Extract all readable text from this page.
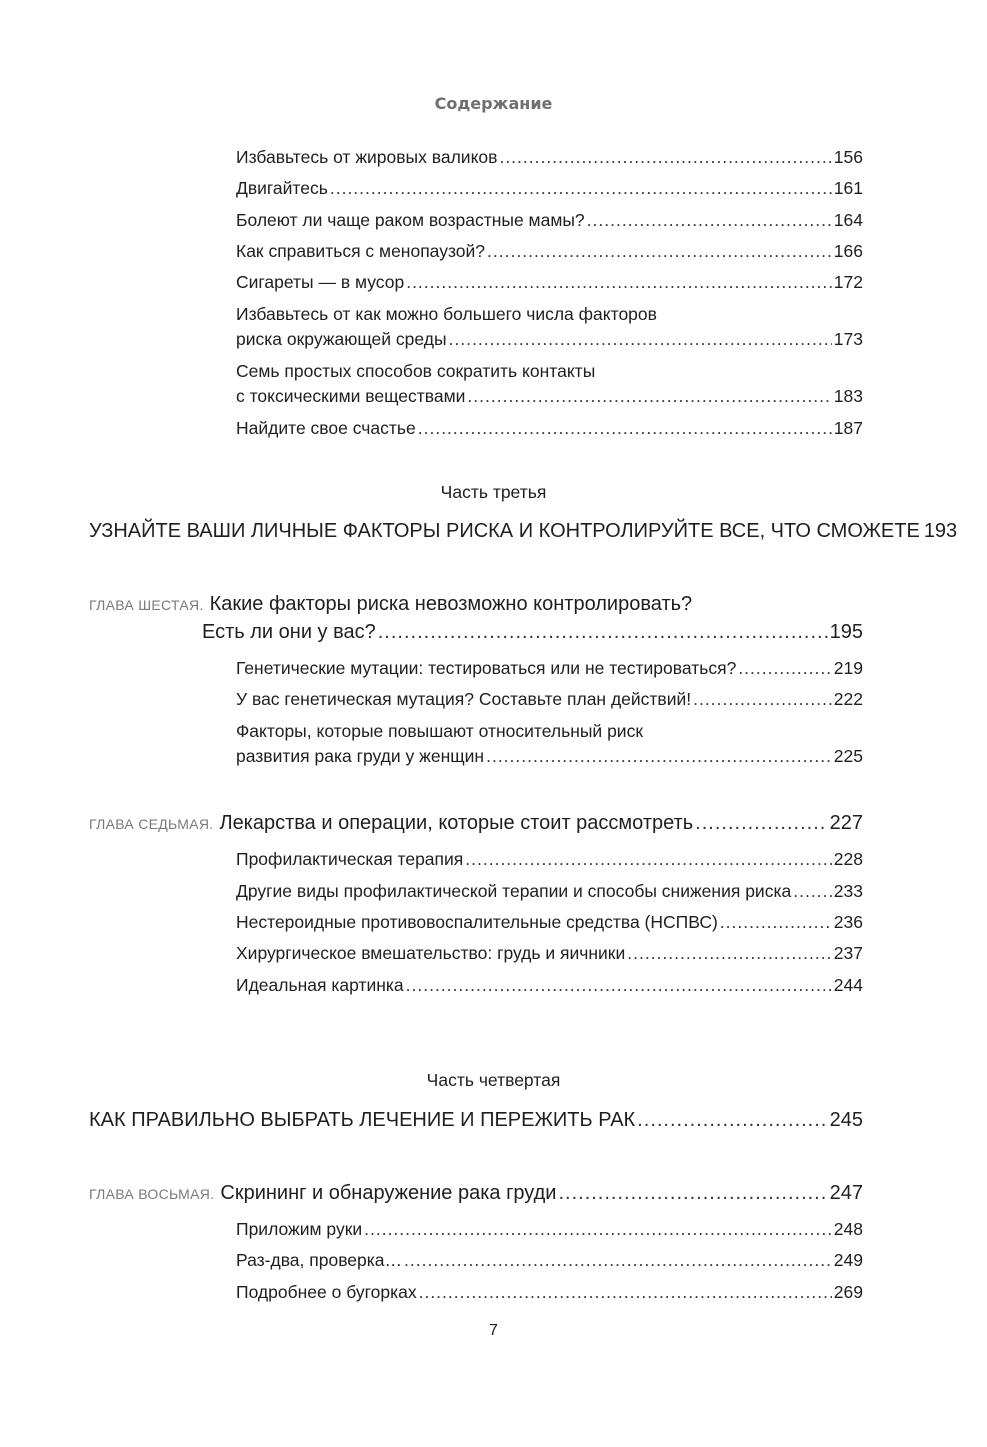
Содержание
Избавьтесь от жировых валиков .....	156
Двигайтесь .....	161
Болеют ли чаще раком возрастные мамы? .....	164
Как справиться с менопаузой? .....	166
Сигареты — в мусор .....	172
Избавьтесь от как можно большего числа факторов
риска окружающей среды .....	173
Семь простых способов сократить контакты
с токсическими веществами .....	183
Найдите свое счастье .....	187
Часть третья
УЗНАЙТЕ ВАШИ ЛИЧНЫЕ ФАКТОРЫ РИСКА И КОНТРОЛИРУЙТЕ ВСЕ, ЧТО СМОЖЕТЕ 193
ГЛАВА ШЕСТАЯ. Какие факторы риска невозможно контролировать?
Есть ли они у вас? .....	195
Генетические мутации: тестироваться или не тестироваться? .....	219
У вас генетическая мутация? Составьте план действий! .....	222
Факторы, которые повышают относительный риск
развития рака груди у женщин .....	225
ГЛАВА СЕДЬМАЯ. Лекарства и операции, которые стоит рассмотреть .....	227
Профилактическая терапия .....	228
Другие виды профилактической терапии и способы снижения риска ..... 233
Нестероидные противовоспалительные средства (НСПВС) .....	236
Хирургическое вмешательство: грудь и яичники .....	237
Идеальная картинка .....	244
Часть четвертая
КАК ПРАВИЛЬНО ВЫБРАТЬ ЛЕЧЕНИЕ И ПЕРЕЖИТЬ РАК .....	245
ГЛАВА ВОСЬМАЯ. Скрининг и обнаружение рака груди .....	247
Приложим руки .....	248
Раз-два, проверка… .....	249
Подробнее о бугорках .....	269
7
